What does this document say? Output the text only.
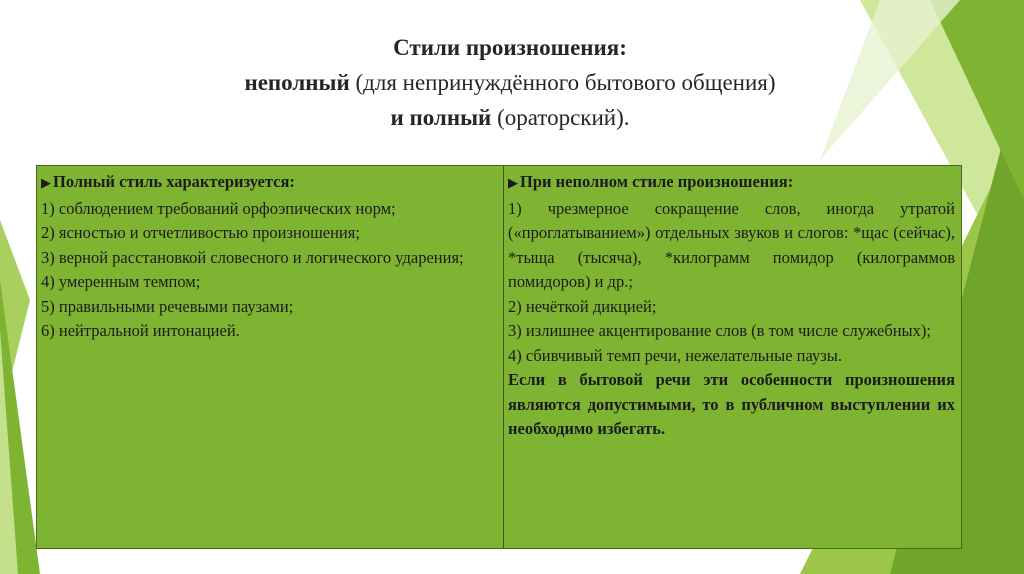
Стили произношения:
неполный (для непринуждённого бытового общения)
и полный (ораторский).

▶ Полный стиль характеризуется:

1) соблюдением требований орфоэпических норм;

2) ясностью и отчетливостью произношения;

3) верной расстановкой словесного и логического ударения;

4) умеренным темпом;

5) правильными речевыми паузами;

6) нейтральной интонацией.

▶ При неполном стиле произношения:

1) чрезмерное сокращение слов, иногда утратой («проглатыванием») отдельных звуков и слогов: *щас (сейчас), *тыща (тысяча), *килограмм помидор (килограммов помидоров) и др.;

2) нечёткой дикцией;

3) излишнее акцентирование слов (в том числе служебных);

4) сбивчивый темп речи, нежелательные паузы.

Если в бытовой речи эти особенности произношения являются допустимыми, то в публичном выступлении их необходимо избегать.
